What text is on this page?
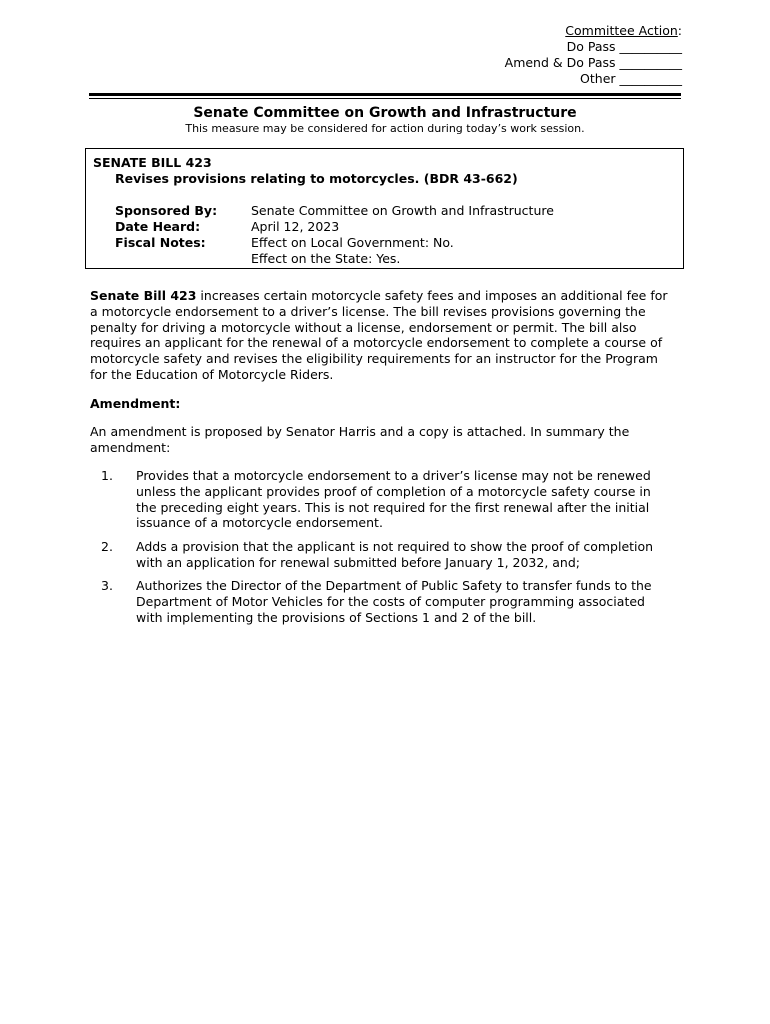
Committee Action:
Do Pass __________
Amend & Do Pass __________
Other __________
Senate Committee on Growth and Infrastructure
This measure may be considered for action during today’s work session.
SENATE BILL 423
Revises provisions relating to motorcycles. (BDR 43-662)
Sponsored By:	Senate Committee on Growth and Infrastructure
Date Heard:	April 12, 2023
Fiscal Notes:	Effect on Local Government: No.
Effect on the State: Yes.
Senate Bill 423 increases certain motorcycle safety fees and imposes an additional fee for a motorcycle endorsement to a driver’s license. The bill revises provisions governing the penalty for driving a motorcycle without a license, endorsement or permit. The bill also requires an applicant for the renewal of a motorcycle endorsement to complete a course of motorcycle safety and revises the eligibility requirements for an instructor for the Program for the Education of Motorcycle Riders.
Amendment:
An amendment is proposed by Senator Harris and a copy is attached. In summary the amendment:
1. Provides that a motorcycle endorsement to a driver’s license may not be renewed unless the applicant provides proof of completion of a motorcycle safety course in the preceding eight years. This is not required for the first renewal after the initial issuance of a motorcycle endorsement.
2. Adds a provision that the applicant is not required to show the proof of completion with an application for renewal submitted before January 1, 2032, and;
3. Authorizes the Director of the Department of Public Safety to transfer funds to the Department of Motor Vehicles for the costs of computer programming associated with implementing the provisions of Sections 1 and 2 of the bill.
